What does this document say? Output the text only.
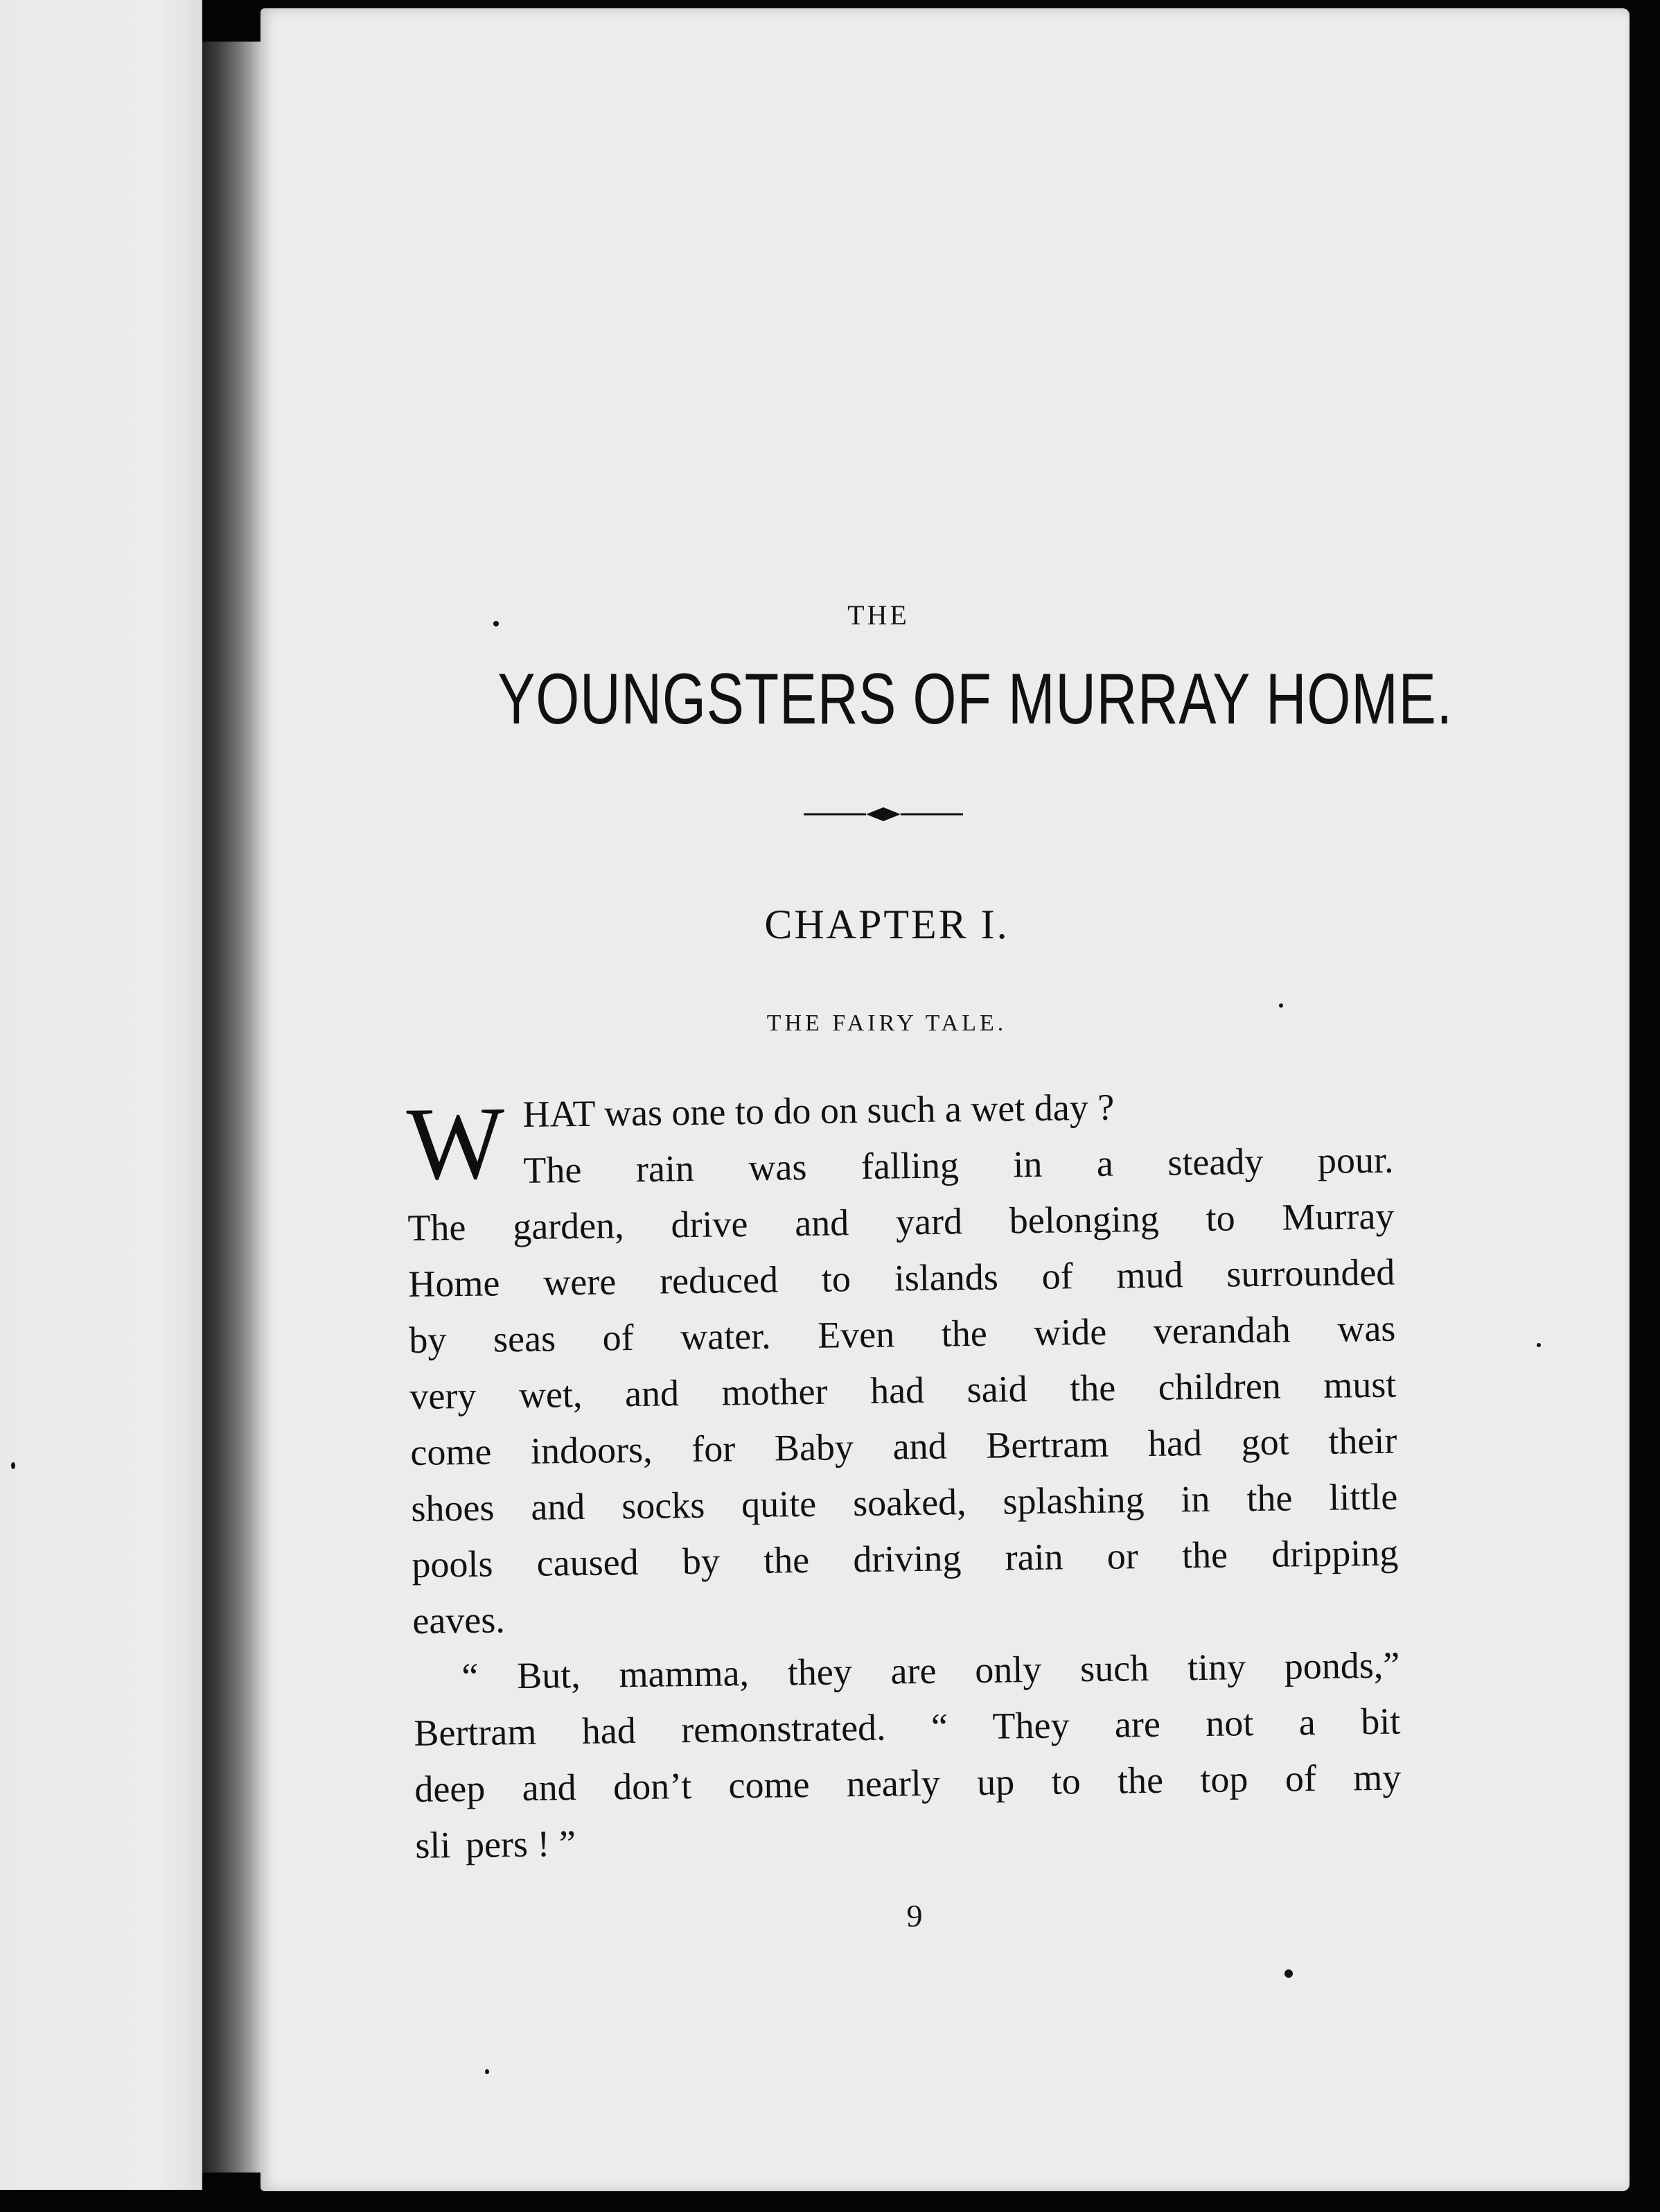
THE
YOUNGSTERS OF MURRAY HOME.
CHAPTER I.
THE FAIRY TALE.
W HAT was one to do on such a wet day ?
The rain was falling in a steady pour.
The garden, drive and yard belonging to Murray
Home were reduced to islands of mud surrounded
by seas of water. Even the wide verandah was
very wet, and mother had said the children must
come indoors, for Baby and Bertram had got their
shoes and socks quite soaked, splashing in the little
pools caused by the driving rain or the dripping
eaves.
“ But, mamma, they are only such tiny ponds,”
Bertram had remonstrated. “ They are not a bit
deep and don’t come nearly up to the top of my
sli  pers ! ”
9
